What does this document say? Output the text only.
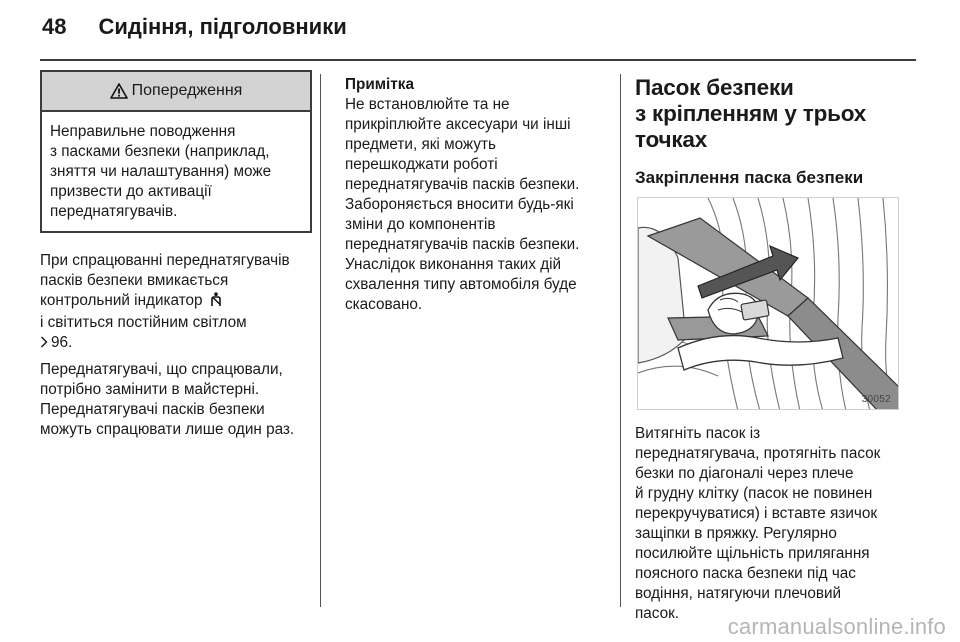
48 Сидіння, підголовники
Попередження
Неправильне поводження
з пасками безпеки (наприклад,
зняття чи налаштування) може
призвести до активації
переднатягувачів.
При спрацюванні переднатягувачів
пасків безпеки вмикається
контрольний індикатор
і світиться постійним світлом
96.
Переднатягувачі, що спрацювали,
потрібно замінити в майстерні.
Переднатягувачі пасків безпеки
можуть спрацювати лише один раз.
Примітка
Не встановлюйте та не
прикріплюйте аксесуари чи інші
предмети, які можуть
перешкоджати роботі
переднатягувачів пасків безпеки.
Забороняється вносити будь-які
зміни до компонентів
переднатягувачів пасків безпеки.
Унаслідок виконання таких дій
схвалення типу автомобіля буде
скасовано.
Пасок безпеки
з кріпленням у трьох
точках
Закріплення паска безпеки
30052
Витягніть пасок із
переднатягувача, протягніть пасок
безки по діагоналі через плече
й грудну клітку (пасок не повинен
перекручуватися) і вставте язичок
защіпки в пряжку. Регулярно
посилюйте щільність прилягання
поясного паска безпеки під час
водіння, натягуючи плечовий
пасок.
carmanualsonline.info
